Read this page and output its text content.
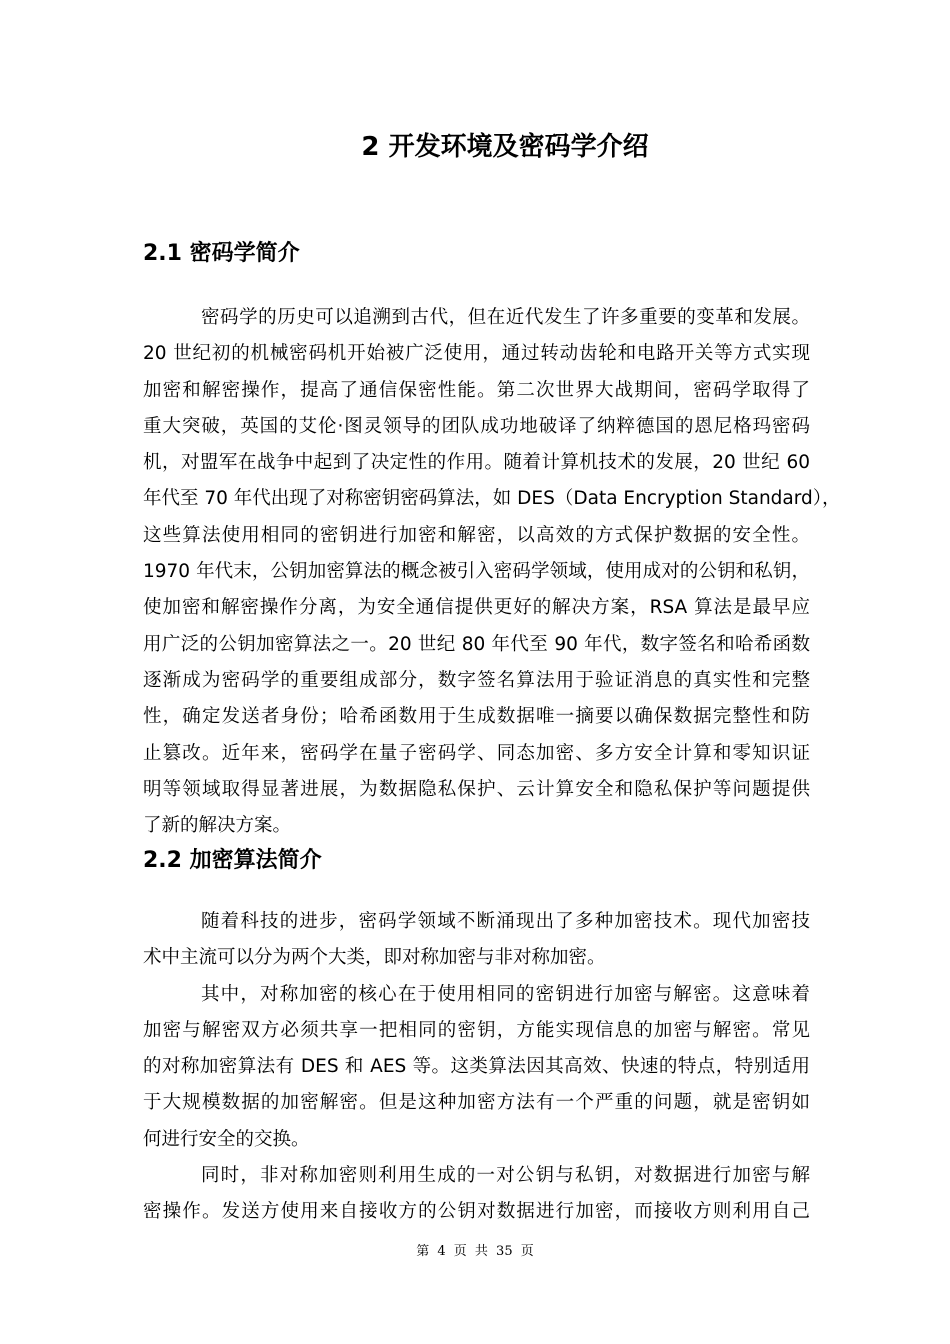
2 开发环境及密码学介绍
2.1 密码学简介
密码学的历史可以追溯到古代，但在近代发生了许多重要的变革和发展。
20 世纪初的机械密码机开始被广泛使用，通过转动齿轮和电路开关等方式实现
加密和解密操作，提高了通信保密性能。第二次世界大战期间，密码学取得了
重大突破，英国的艾伦·图灵领导的团队成功地破译了纳粹德国的恩尼格玛密码
机，对盟军在战争中起到了决定性的作用。随着计算机技术的发展，20 世纪 60
年代至 70 年代出现了对称密钥密码算法，如 DES（Data Encryption Standard），
这些算法使用相同的密钥进行加密和解密，以高效的方式保护数据的安全性。
1970 年代末，公钥加密算法的概念被引入密码学领域，使用成对的公钥和私钥，
使加密和解密操作分离，为安全通信提供更好的解决方案，RSA 算法是最早应
用广泛的公钥加密算法之一。20 世纪 80 年代至 90 年代，数字签名和哈希函数
逐渐成为密码学的重要组成部分，数字签名算法用于验证消息的真实性和完整
性，确定发送者身份；哈希函数用于生成数据唯一摘要以确保数据完整性和防
止篡改。近年来，密码学在量子密码学、同态加密、多方安全计算和零知识证
明等领域取得显著进展，为数据隐私保护、云计算安全和隐私保护等问题提供
了新的解决方案。
2.2 加密算法简介
随着科技的进步，密码学领域不断涌现出了多种加密技术。现代加密技
术中主流可以分为两个大类，即对称加密与非对称加密。
其中，对称加密的核心在于使用相同的密钥进行加密与解密。这意味着
加密与解密双方必须共享一把相同的密钥，方能实现信息的加密与解密。常见
的对称加密算法有 DES 和 AES 等。这类算法因其高效、快速的特点，特别适用
于大规模数据的加密解密。但是这种加密方法有一个严重的问题，就是密钥如
何进行安全的交换。
同时，非对称加密则利用生成的一对公钥与私钥，对数据进行加密与解
密操作。发送方使用来自接收方的公钥对数据进行加密，而接收方则利用自己
第 4 页 共 35 页
